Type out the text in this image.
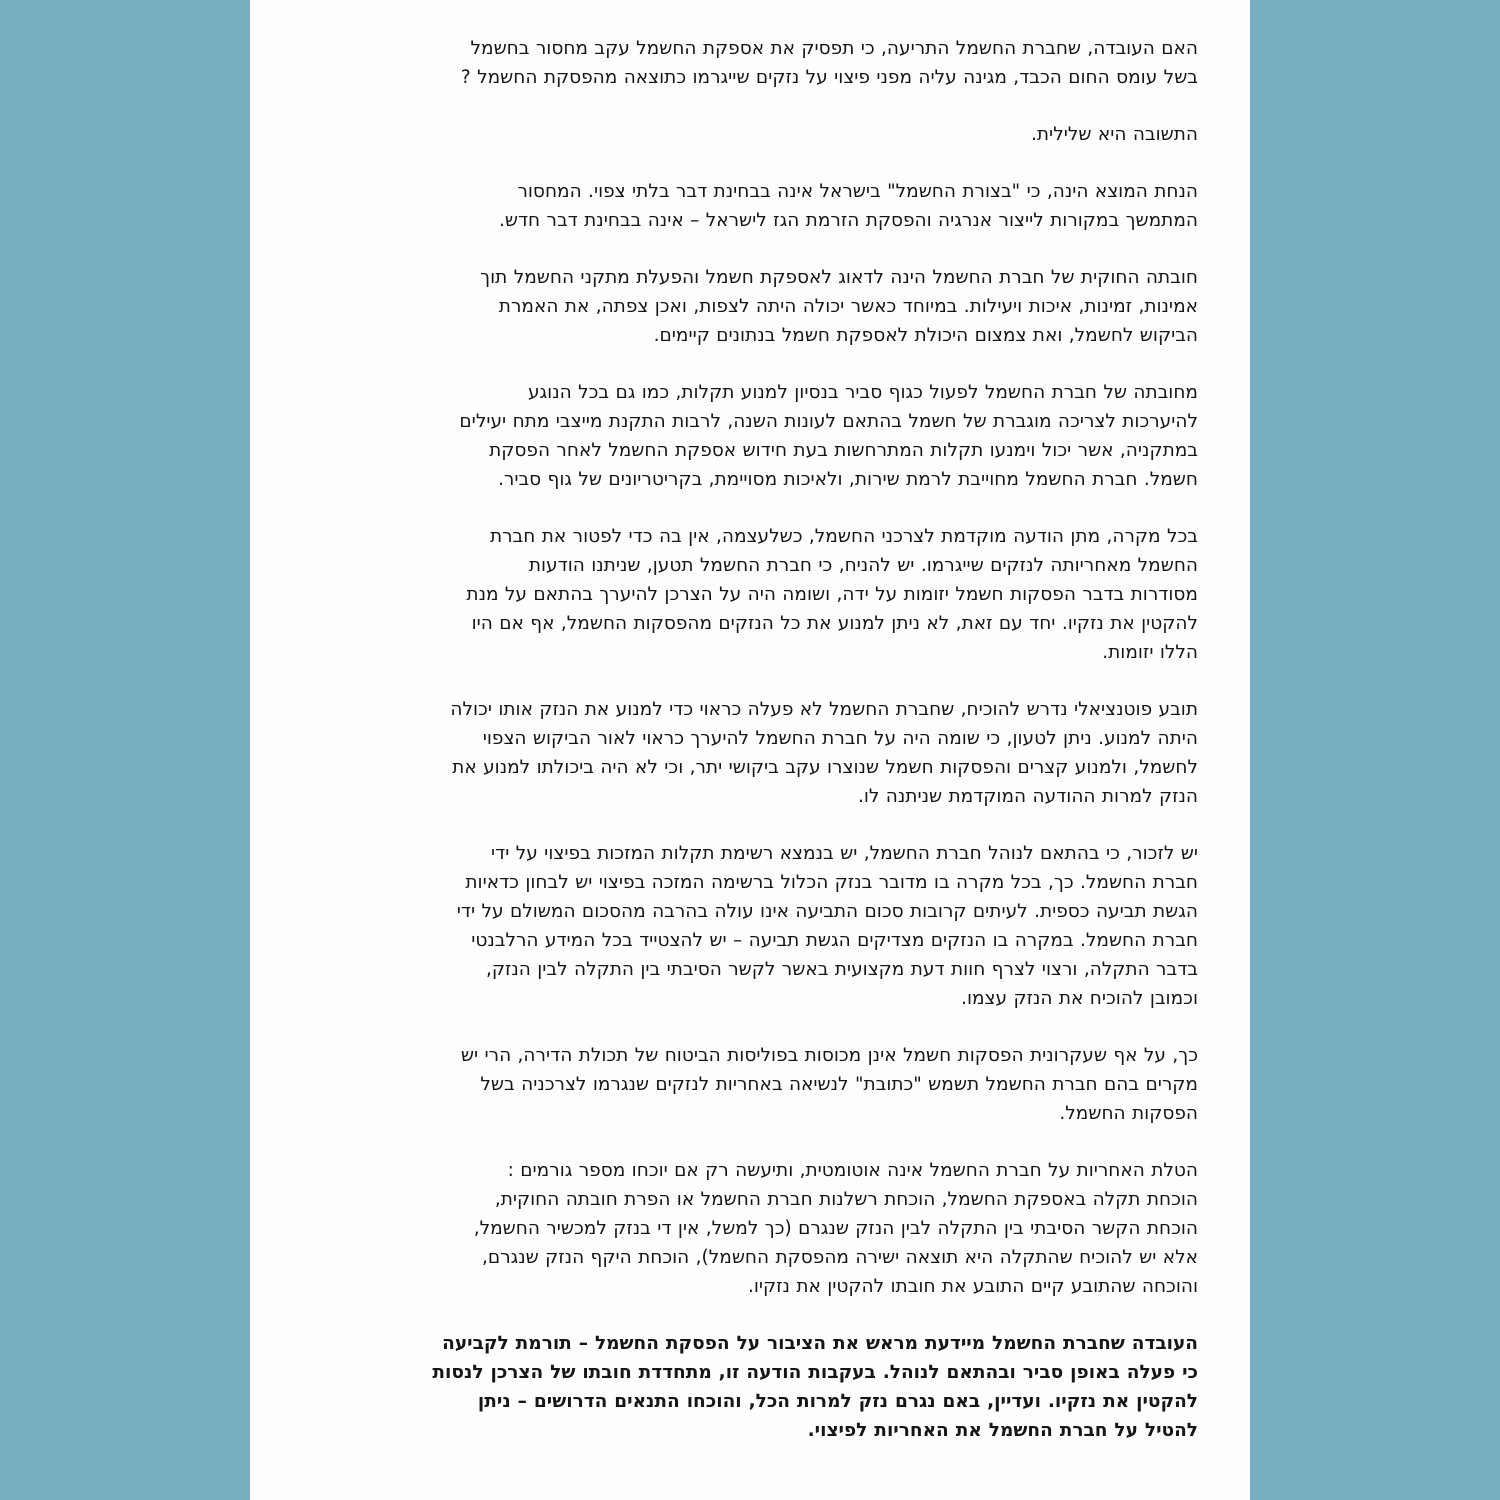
האם העובדה, שחברת החשמל התריעה, כי תפסיק את אספקת החשמל עקב מחסור בחשמל
בשל עומס החום הכבד, מגינה עליה מפני פיצוי על נזקים שייגרמו כתוצאה מהפסקת החשמל ?
התשובה היא שלילית.
הנחת המוצא הינה, כי "בצורת החשמל" בישראל אינה בבחינת דבר בלתי צפוי. המחסור
המתמשך במקורות לייצור אנרגיה והפסקת הזרמת הגז לישראל – אינה בבחינת דבר חדש.
חובתה החוקית של חברת החשמל הינה לדאוג לאספקת חשמל והפעלת מתקני החשמל תוך
אמינות, זמינות, איכות ויעילות. במיוחד כאשר יכולה היתה לצפות, ואכן צפתה, את האמרת
הביקוש לחשמל, ואת צמצום היכולת לאספקת חשמל בנתונים קיימים.
מחובתה של חברת החשמל לפעול כגוף סביר בנסיון למנוע תקלות, כמו גם בכל הנוגע
להיערכות לצריכה מוגברת של חשמל בהתאם לעונות השנה, לרבות התקנת מייצבי מתח יעילים
במתקניה, אשר יכול וימנעו תקלות המתרחשות בעת חידוש אספקת החשמל לאחר הפסקת
חשמל. חברת החשמל מחוייבת לרמת שירות, ולאיכות מסויימת, בקריטריונים של גוף סביר.
בכל מקרה, מתן הודעה מוקדמת לצרכני החשמל, כשלעצמה, אין בה כדי לפטור את חברת
החשמל מאחריותה לנזקים שייגרמו. יש להניח, כי חברת החשמל תטען, שניתנו הודעות
מסודרות בדבר הפסקות חשמל יזומות על ידה, ושומה היה על הצרכן להיערך בהתאם על מנת
להקטין את נזקיו. יחד עם זאת, לא ניתן למנוע את כל הנזקים מהפסקות החשמל, אף אם היו
הללו יזומות.
תובע פוטנציאלי נדרש להוכיח, שחברת החשמל לא פעלה כראוי כדי למנוע את הנזק אותו יכולה
היתה למנוע. ניתן לטעון, כי שומה היה על חברת החשמל להיערך כראוי לאור הביקוש הצפוי
לחשמל, ולמנוע קצרים והפסקות חשמל שנוצרו עקב ביקושי יתר, וכי לא היה ביכולתו למנוע את
הנזק למרות ההודעה המוקדמת שניתנה לו.
יש לזכור, כי בהתאם לנוהל חברת החשמל, יש בנמצא רשימת תקלות המזכות בפיצוי על ידי
חברת החשמל. כך, בכל מקרה בו מדובר בנזק הכלול ברשימה המזכה בפיצוי יש לבחון כדאיות
הגשת תביעה כספית. לעיתים קרובות סכום התביעה אינו עולה בהרבה מהסכום המשולם על ידי
חברת החשמל. במקרה בו הנזקים מצדיקים הגשת תביעה – יש להצטייד בכל המידע הרלבנטי
בדבר התקלה, ורצוי לצרף חוות דעת מקצועית באשר לקשר הסיבתי בין התקלה לבין הנזק,
וכמובן להוכיח את הנזק עצמו.
כך, על אף שעקרונית הפסקות חשמל אינן מכוסות בפוליסות הביטוח של תכולת הדירה, הרי יש
מקרים בהם חברת החשמל תשמש "כתובת" לנשיאה באחריות לנזקים שנגרמו לצרכניה בשל
הפסקות החשמל.
הטלת האחריות על חברת החשמל אינה אוטומטית, ותיעשה רק אם יוכחו מספר גורמים :
הוכחת תקלה באספקת החשמל, הוכחת רשלנות חברת החשמל או הפרת חובתה החוקית,
הוכחת הקשר הסיבתי בין התקלה לבין הנזק שנגרם (כך למשל, אין די בנזק למכשיר החשמל,
אלא יש להוכיח שהתקלה היא תוצאה ישירה מהפסקת החשמל), הוכחת היקף הנזק שנגרם,
והוכחה שהתובע קיים התובע את חובתו להקטין את נזקיו.
העובדה שחברת החשמל מיידעת מראש את הציבור על הפסקת החשמל – תורמת לקביעה
כי פעלה באופן סביר ובהתאם לנוהל. בעקבות הודעה זו, מתחדדת חובתו של הצרכן לנסות
להקטין את נזקיו. ועדיין, באם נגרם נזק למרות הכל, והוכחו התנאים הדרושים – ניתן
להטיל על חברת החשמל את האחריות לפיצוי.
